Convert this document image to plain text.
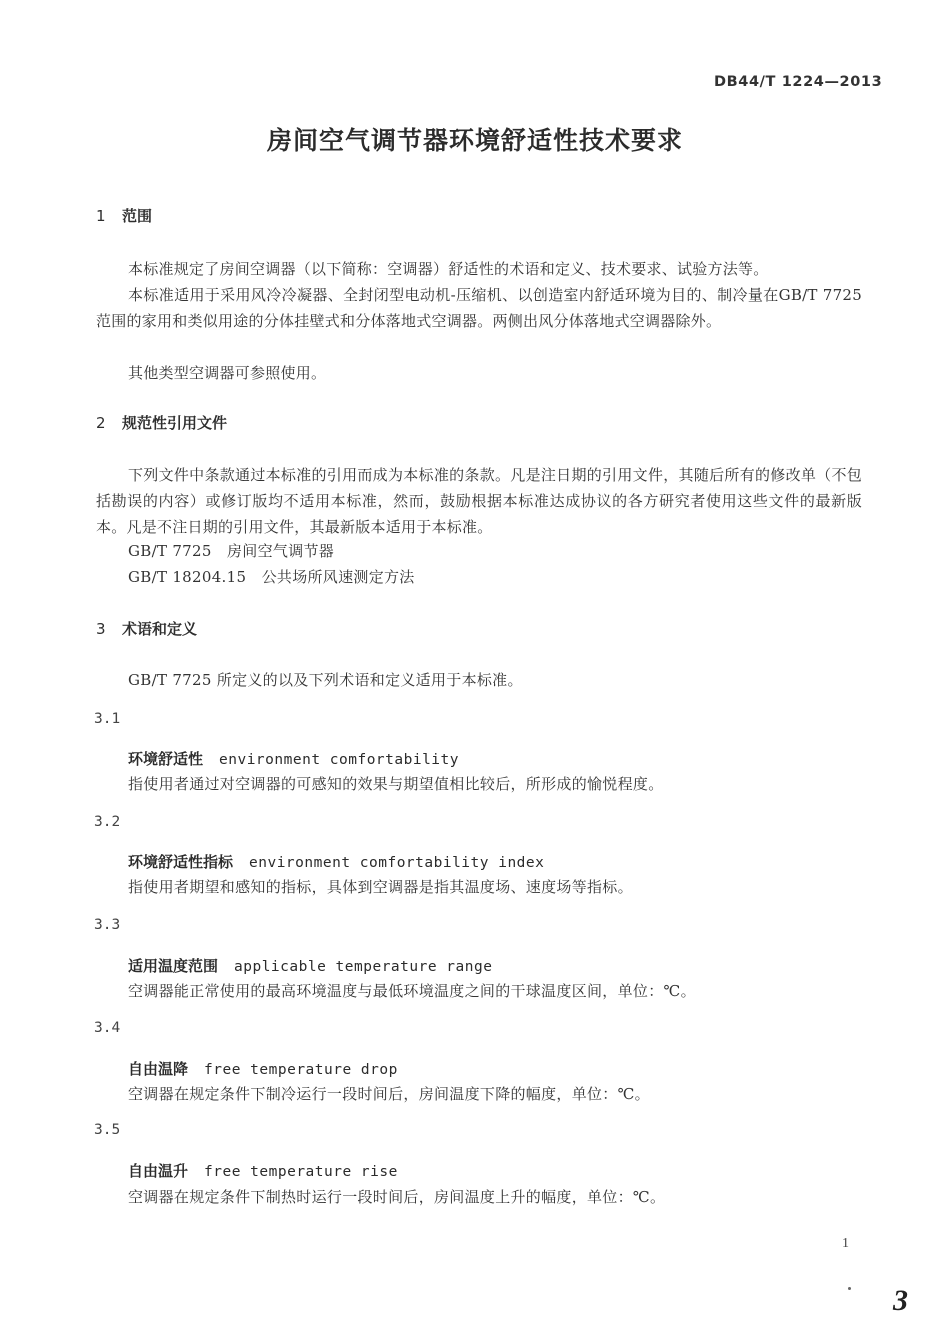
DB44/T 1224—2013
房间空气调节器环境舒适性技术要求
1 范围

本标准规定了房间空调器（以下简称：空调器）舒适性的术语和定义、技术要求、试验方法等。

本标准适用于采用风冷冷凝器、全封闭型电动机-压缩机、以创造室内舒适环境为目的、制冷量在GB/T 7725 范围的家用和类似用途的分体挂壁式和分体落地式空调器。两侧出风分体落地式空调器除外。

其他类型空调器可参照使用。

2 规范性引用文件

下列文件中条款通过本标准的引用而成为本标准的条款。凡是注日期的引用文件，其随后所有的修改单（不包括勘误的内容）或修订版均不适用本标准，然而，鼓励根据本标准达成协议的各方研究者使用这些文件的最新版本。凡是不注日期的引用文件，其最新版本适用于本标准。

GB/T 7725　房间空气调节器
GB/T 18204.15　公共场所风速测定方法
3 术语和定义
GB/T 7725 所定义的以及下列术语和定义适用于本标准。
3.1
环境舒适性 environment comfortability
指使用者通过对空调器的可感知的效果与期望值相比较后，所形成的愉悦程度。
3.2
环境舒适性指标 environment comfortability index
指使用者期望和感知的指标，具体到空调器是指其温度场、速度场等指标。
3.3
适用温度范围 applicable temperature range
空调器能正常使用的最高环境温度与最低环境温度之间的干球温度区间，单位：℃。
3.4
自由温降 free temperature drop
空调器在规定条件下制冷运行一段时间后，房间温度下降的幅度，单位：℃。
3.5
自由温升 free temperature rise
空调器在规定条件下制热时运行一段时间后，房间温度上升的幅度，单位：℃。
1
3
